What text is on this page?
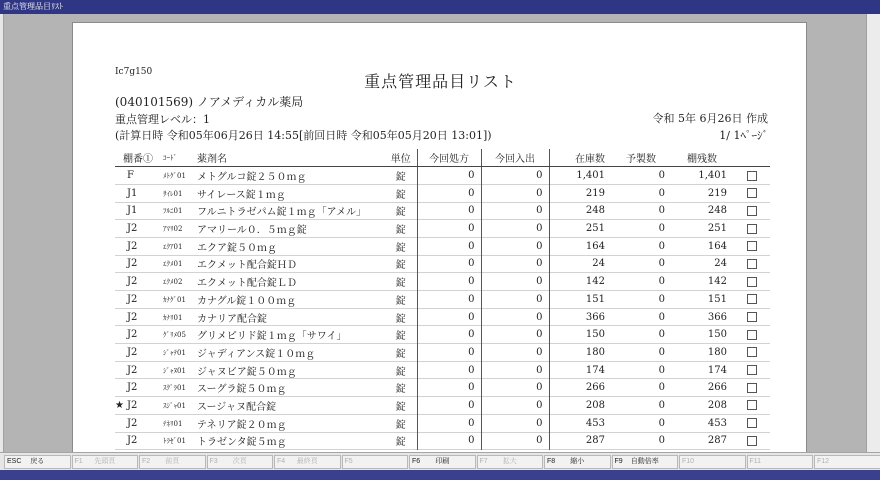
重点管理品目ﾘｽﾄ
Ic7g150	重点管理品目リスト
(040101569) ノアメディカル薬局
重点管理レベル：1	令和 5年 6月26日 作成
(計算日時 令和05年06月26日 14:55[前回日時 令和05年05月20日 13:01])	1/ 1ﾍﾟｰｼﾞ
棚番①	ｺｰﾄﾞ	薬剤名	単位	今回処方	今回入出	在庫数	予製数	棚残数	
F	ﾒﾄｸﾞ01	メトグルコ錠２５０ｍｇ	錠	0	0	1,401	0	1,401	
J1	ｻｲﾚ01	サイレース錠１ｍｇ	錠	0	0	219	0	219	
J1	ﾌﾙﾆ01	フルニトラゼパム錠１ｍｇ「アメル」	錠	0	0	248	0	248	
J2	ｱﾏﾘ02	アマリール０．５ｍｇ錠	錠	0	0	251	0	251	
J2	ｴｸｱ01	エクア錠５０ｍｇ	錠	0	0	164	0	164	
J2	ｴｸﾒ01	エクメット配合錠ＨＤ	錠	0	0	24	0	24	
J2	ｴｸﾒ02	エクメット配合錠ＬＤ	錠	0	0	142	0	142	
J2	ｶﾅｸﾞ01	カナグル錠１００ｍｇ	錠	0	0	151	0	151	
J2	ｶﾅﾘ01	カナリア配合錠	錠	0	0	366	0	366	
J2	ｸﾞﾘﾒ05	グリメピリド錠１ｍｇ「サワイ」	錠	0	0	150	0	150	
J2	ｼﾞｬﾃ01	ジャディアンス錠１０ｍｇ	錠	0	0	180	0	180	
J2	ｼﾞｬﾇ01	ジャヌビア錠５０ｍｇ	錠	0	0	174	0	174	
J2	ｽｸﾞﾗ01	スーグラ錠５０ｍｇ	錠	0	0	266	0	266	
★ J2	ｽｼﾞｬ01	スージャヌ配合錠	錠	0	0	208	0	208	
J2	ﾃﾈﾘ01	テネリア錠２０ｍｇ	錠	0	0	453	0	453	
J2	ﾄﾗｾﾞ01	トラゼンタ錠５ｍｇ	錠	0	0	287	0	287	
ESC	戻る	F1	先頭頁	F2	前頁	F3	次頁	F4	最終頁	F5	F6	印刷	F7	拡大	F8	縮小	F9	自動倍率	F10	F11	F12
